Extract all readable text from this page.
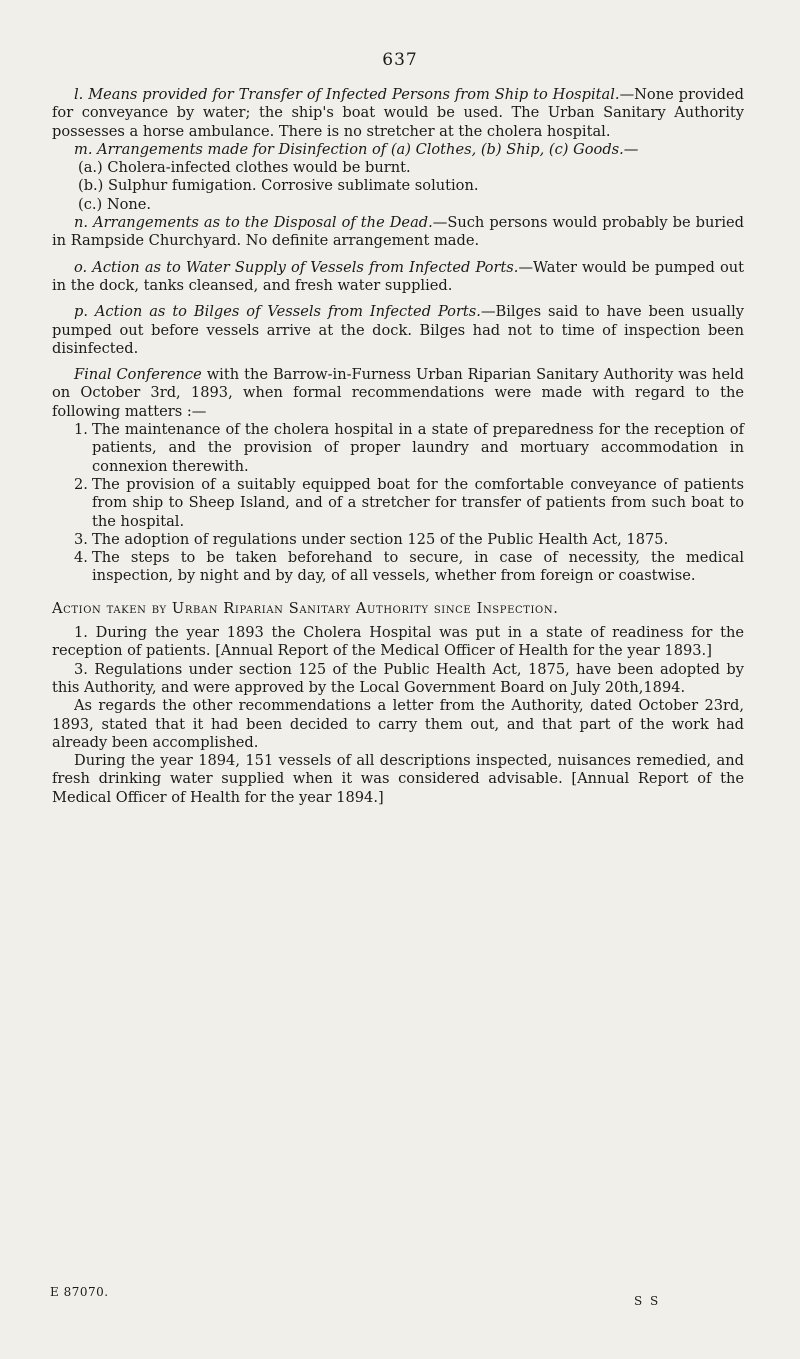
637

l. Means provided for Transfer of Infected Persons from Ship to Hospital.—None provided for conveyance by water; the ship's boat would be used. The Urban Sanitary Authority possesses a horse ambulance. There is no stretcher at the cholera hospital.

m. Arrangements made for Disinfection of (a) Clothes, (b) Ship, (c) Goods.—

(a.) Cholera-infected clothes would be burnt.

(b.) Sulphur fumigation. Corrosive sublimate solution.

(c.) None.

n. Arrangements as to the Disposal of the Dead.—Such persons would probably be buried in Rampside Churchyard. No definite arrangement made.

o. Action as to Water Supply of Vessels from Infected Ports.—Water would be pumped out in the dock, tanks cleansed, and fresh water supplied.

p. Action as to Bilges of Vessels from Infected Ports.—Bilges said to have been usually pumped out before vessels arrive at the dock. Bilges had not to time of inspection been disinfected.

Final Conference with the Barrow-in-Furness Urban Riparian Sanitary Authority was held on October 3rd, 1893, when formal recommendations were made with regard to the following matters :—

1. The maintenance of the cholera hospital in a state of preparedness for the reception of patients, and the provision of proper laundry and mortuary accommodation in connexion therewith.
2. The provision of a suitably equipped boat for the comfortable conveyance of patients from ship to Sheep Island, and of a stretcher for transfer of patients from such boat to the hospital.
3. The adoption of regulations under section 125 of the Public Health Act, 1875.
4. The steps to be taken beforehand to secure, in case of necessity, the medical inspection, by night and by day, of all vessels, whether from foreign or coastwise.
Action taken by Urban Riparian Sanitary Authority since Inspection.

1. During the year 1893 the Cholera Hospital was put in a state of readiness for the reception of patients. [Annual Report of the Medical Officer of Health for the year 1893.]

3. Regulations under section 125 of the Public Health Act, 1875, have been adopted by this Authority, and were approved by the Local Government Board on July 20th,1894.

As regards the other recommendations a letter from the Authority, dated October 23rd, 1893, stated that it had been decided to carry them out, and that part of the work had already been accomplished.

During the year 1894, 151 vessels of all descriptions inspected, nuisances remedied, and fresh drinking water supplied when it was considered advisable. [Annual Report of the Medical Officer of Health for the year 1894.]

E 87070.
S S
